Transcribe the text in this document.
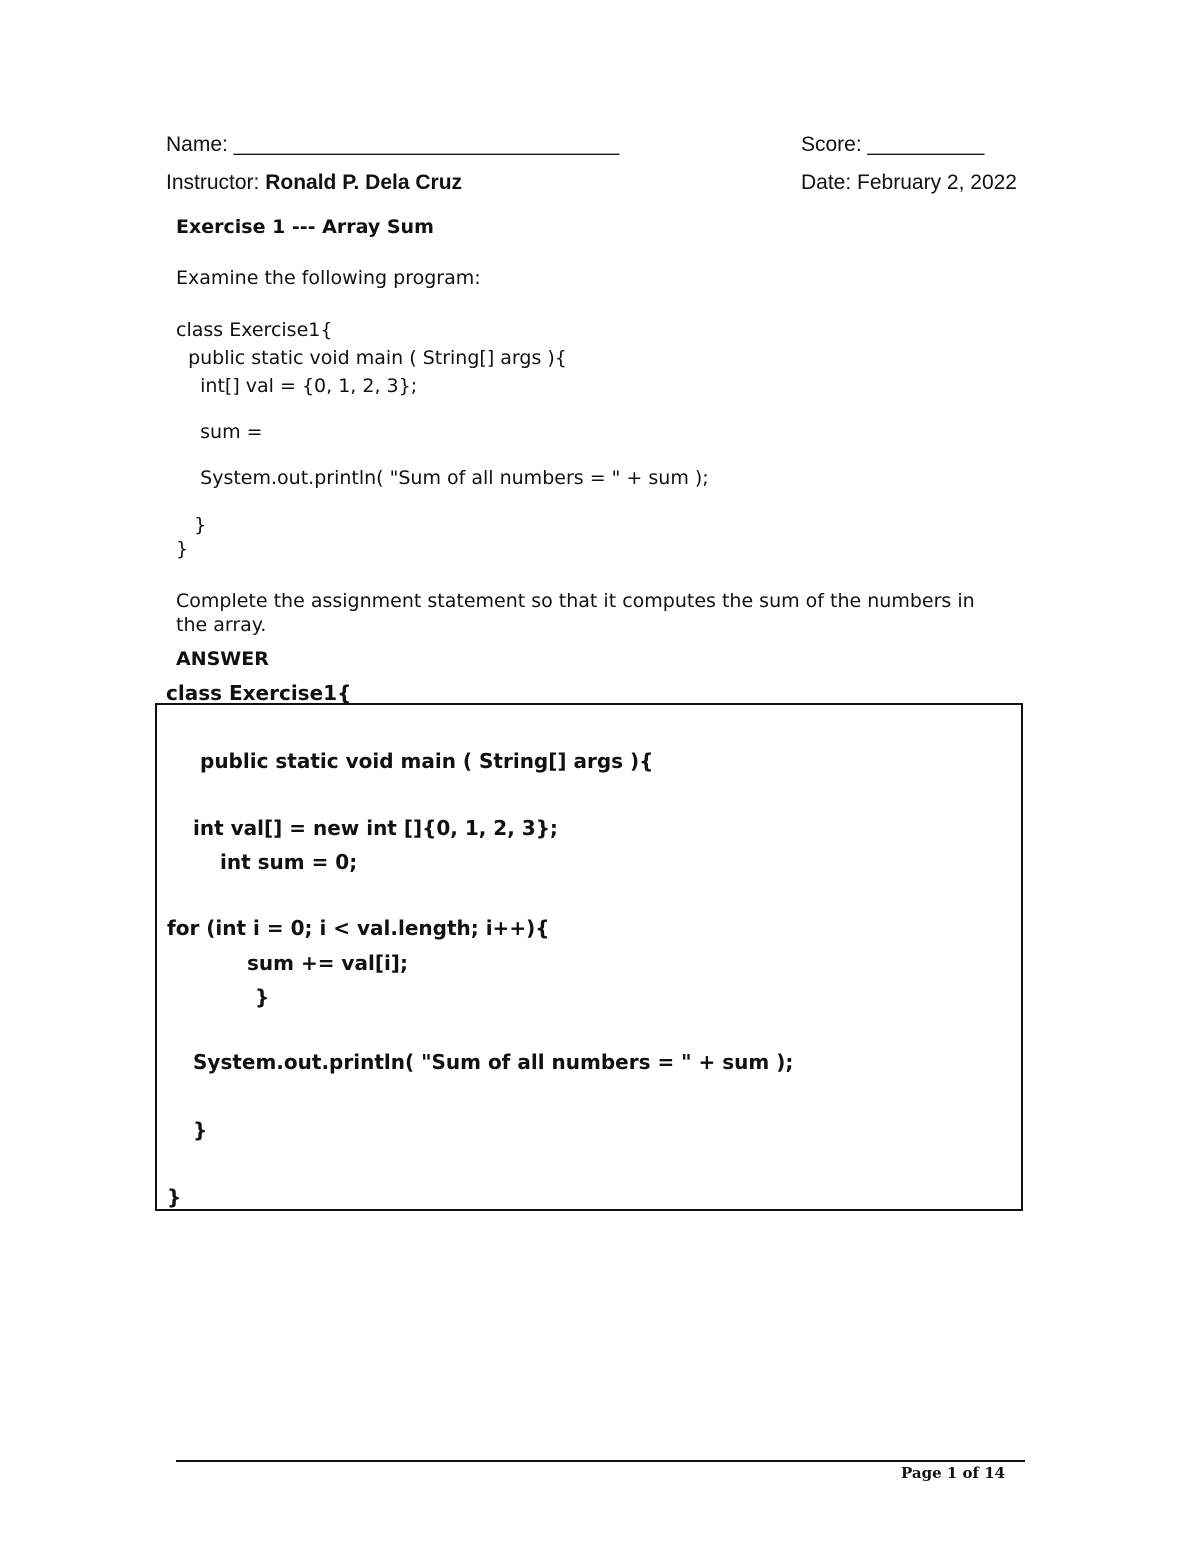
Name: _________________________________	Score: __________
Instructor: Ronald P. Dela Cruz	Date: February 2, 2022
Exercise 1 --- Array Sum
Examine the following program:
class Exercise1{
public static void main ( String[] args ){
int[] val = {0, 1, 2, 3};
sum =
System.out.println( "Sum of all numbers = " + sum );
}
}
Complete the assignment statement so that it computes the sum of the numbers in
the array.
ANSWER
class Exercise1{
public static void main ( String[] args ){
int val[] = new int []{0, 1, 2, 3};
int sum = 0;
for (int i = 0; i < val.length; i++){
sum += val[i];
}
System.out.println( "Sum of all numbers = " + sum );
}
}
Page 1 of 14
